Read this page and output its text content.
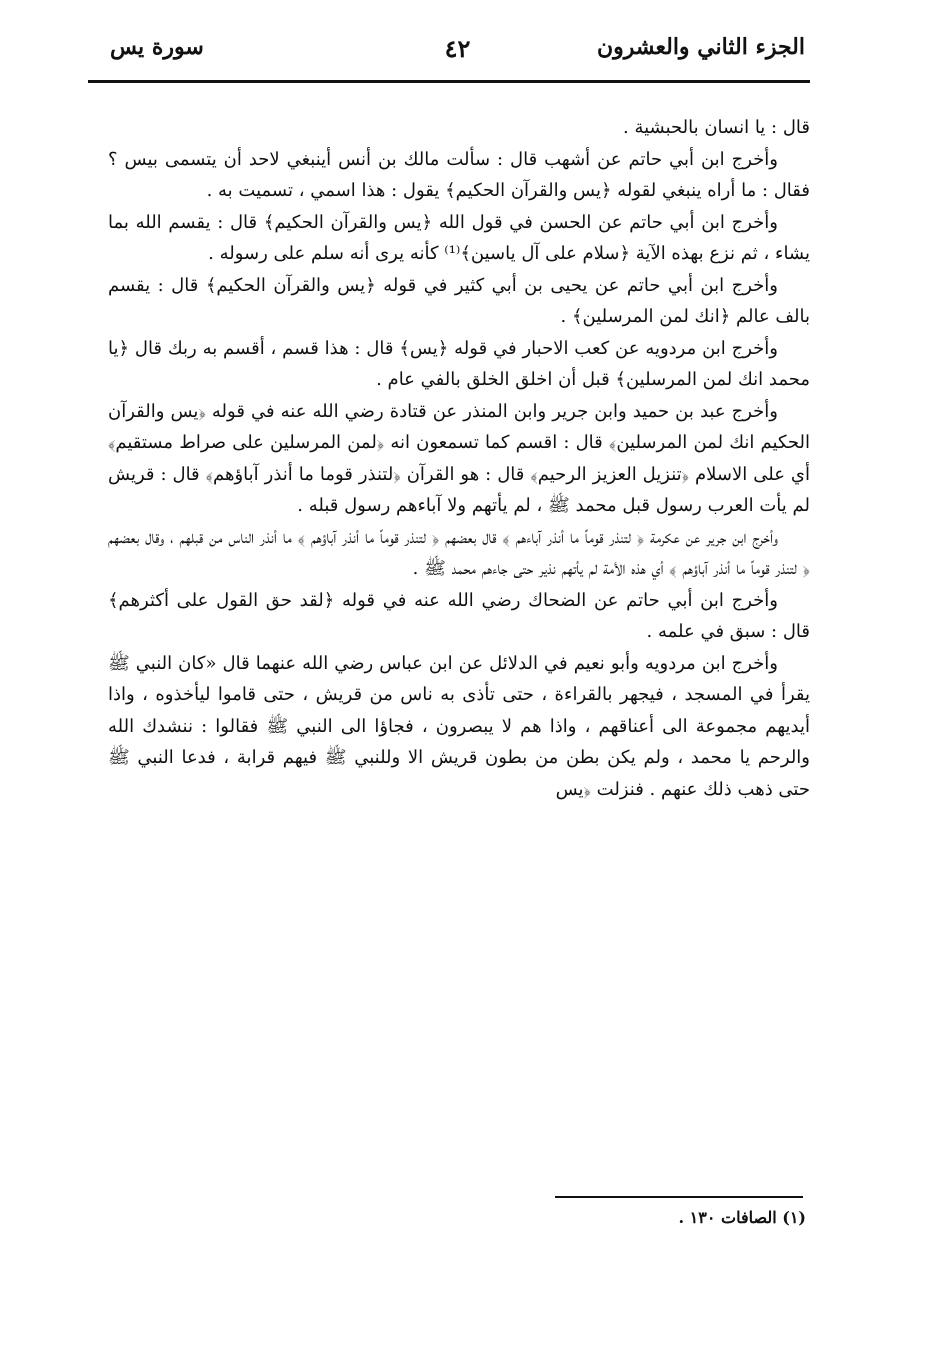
الجزء الثاني والعشرون
٤٢
سورة يس

قال : يا انسان بالحبشية .

وأخرج ابن أبي حاتم عن أشهب قال : سألت مالك بن أنس أينبغي لاحد أن يتسمى بيس ؟ فقال : ما أراه ينبغي لقوله ﴿يس والقرآن الحكيم﴾ يقول : هذا اسمي ، تسميت به .

وأخرج ابن أبي حاتم عن الحسن في قول الله ﴿يس والقرآن الحكيم﴾ قال : يقسم الله بما يشاء ، ثم نزع بهذه الآية ﴿سلام على آل ياسين﴾⁽¹⁾ كأنه يرى أنه سلم على رسوله .

وأخرج ابن أبي حاتم عن يحيى بن أبي كثير في قوله ﴿يس والقرآن الحكيم﴾ قال : يقسم بالف عالم ﴿انك لمن المرسلين﴾ .

وأخرج ابن مردويه عن كعب الاحبار في قوله ﴿يس﴾ قال : هذا قسم ، أقسم به ربك قال ﴿يا محمد انك لمن المرسلين﴾ قبل أن اخلق الخلق بالفي عام .

وأخرج عبد بن حميد وابن جرير وابن المنذر عن قتادة رضي الله عنه في قوله ﴿يس والقرآن الحكيم انك لمن المرسلين﴾ قال : اقسم كما تسمعون انه ﴿لمن المرسلين على صراط مستقيم﴾ أي على الاسلام ﴿تنزيل العزيز الرحيم﴾ قال : هو القرآن ﴿لتنذر قوما ما أنذر آباؤهم﴾ قال : قريش لم يأت العرب رسول قبل محمد ﷺ ، لم يأتهم ولا آباءهم رسول قبله .

وأخرج ابن جرير عن عكرمة ﴿ لتنذر قوماً ما أنذر آباءهم ﴾ قال بعضهم ﴿ لتنذر قوماً ما أنذر آباؤهم ﴾ ما أنذر الناس من قبلهم ، وقال بعضهم ﴿ لتنذر قوماً ما أنذر آباؤهم ﴾ أي هذه الأمة لم يأتهم نذير حتى جاءهم محمد ﷺ .

وأخرج ابن أبي حاتم عن الضحاك رضي الله عنه في قوله ﴿لقد حق القول على أكثرهم﴾ قال : سبق في علمه .

وأخرج ابن مردويه وأبو نعيم في الدلائل عن ابن عباس رضي الله عنهما قال «كان النبي ﷺ يقرأ في المسجد ، فيجهر بالقراءة ، حتى تأذى به ناس من قريش ، حتى قاموا ليأخذوه ، واذا أيديهم مجموعة الى أعناقهم ، واذا هم لا يبصرون ، فجاؤا الى النبي ﷺ فقالوا : ننشدك الله والرحم يا محمد ، ولم يكن بطن من بطون قريش الا وللنبي ﷺ فيهم قرابة ، فدعا النبي ﷺ حتى ذهب ذلك عنهم . فنزلت ﴿يس

(١) الصافات ١٣٠ .
